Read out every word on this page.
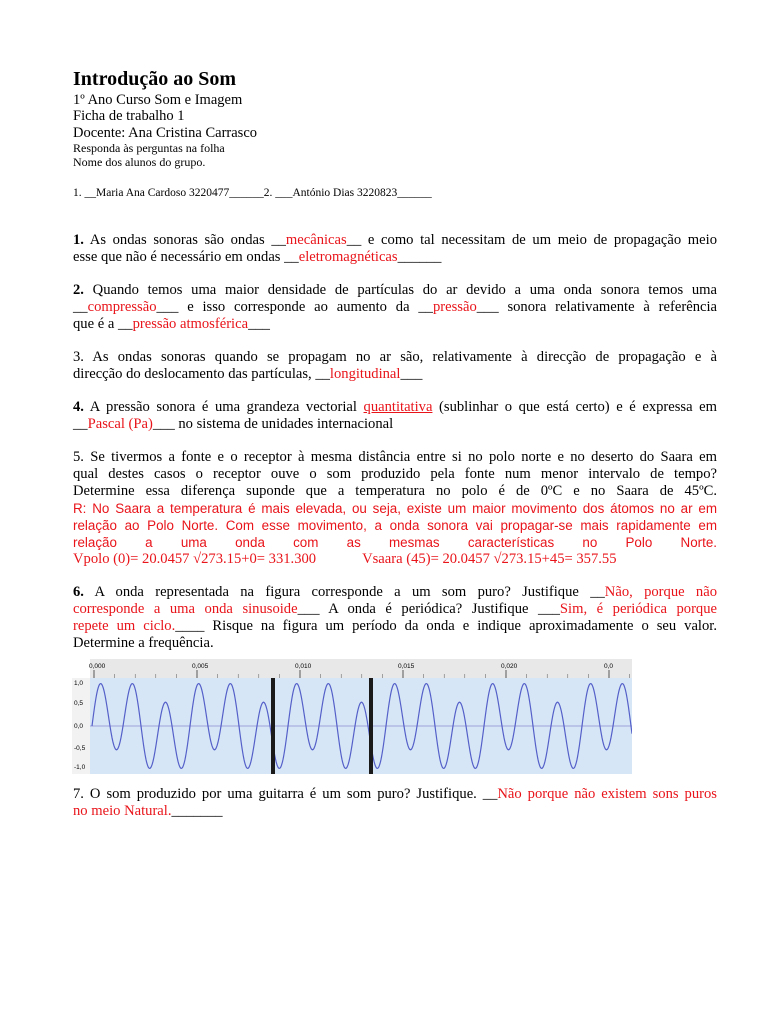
Introdução ao Som
1º Ano Curso Som e Imagem
Ficha de trabalho 1
Docente: Ana Cristina Carrasco
Responda às perguntas na folha
Nome dos alunos do grupo.
1. __Maria Ana Cardoso 3220477______2. ___António Dias 3220823______
1. As ondas sonoras são ondas __mecânicas__ e como tal necessitam de um meio de propagação meio
esse que não é necessário em ondas __eletromagnéticas______
2. Quando temos uma maior densidade de partículas do ar devido a uma onda sonora temos uma
__compressão___ e isso corresponde ao aumento da __pressão___ sonora relativamente à referência
que é a __pressão atmosférica___
3. As ondas sonoras quando se propagam no ar são, relativamente à direcção de propagação e à
direcção do deslocamento das partículas, __longitudinal___
4. A pressão sonora é uma grandeza vectorial quantitativa (sublinhar o que está certo) e é expressa em
__Pascal (Pa)___ no sistema de unidades internacional
5. Se tivermos a fonte e o receptor à mesma distância entre si no polo norte e no deserto do Saara em
qual destes casos o receptor ouve o som produzido pela fonte num menor intervalo de tempo?
Determine essa diferença suponde que a temperatura no polo é de 0ºC e no Saara de 45ºC.
R: No Saara a temperatura é mais elevada, ou seja, existe um maior movimento dos átomos no ar em
relação ao Polo Norte. Com esse movimento, a onda sonora vai propagar-se mais rapidamente em
relação a uma onda com as mesmas características no Polo Norte.
Vpolo (0)= 20.0457 √273.15+0= 331.300	Vsaara (45)= 20.0457 √273.15+45= 357.55
6. A onda representada na figura corresponde a um som puro? Justifique __Não, porque não
corresponde a uma onda sinusoide___ A onda é periódica? Justifique ___Sim, é periódica porque
repete um ciclo.____ Risque na figura um período da onda e indique aproximadamente o seu valor.
Determine a frequência.
0,000	0,005	0,010	0,015	0,020	0,0
1,0
0,5
0,0
-0,5
-1,0
7. O som produzido por uma guitarra é um som puro? Justifique. __Não porque não existem sons puros
no meio Natural._______
